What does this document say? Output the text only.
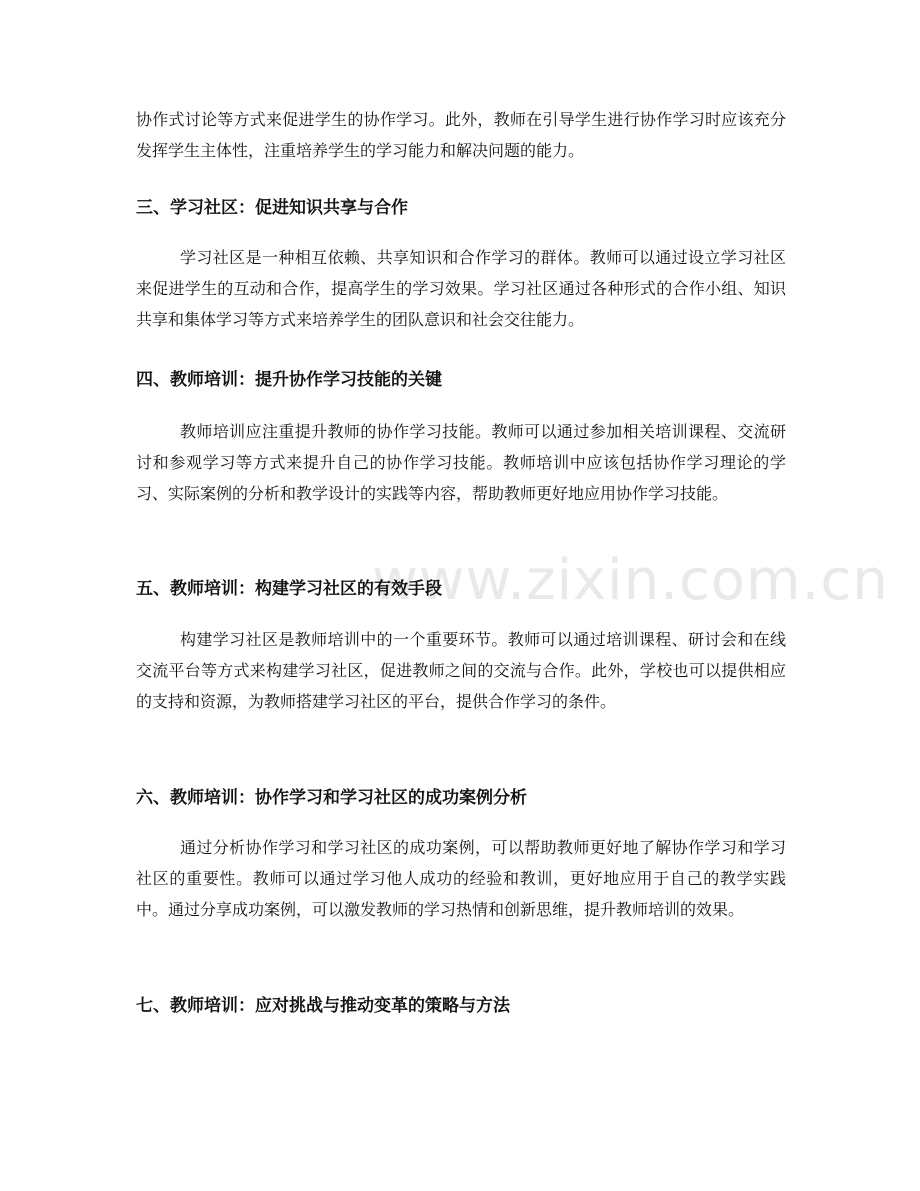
www.zixin.com.cn

协作式讨论等方式来促进学生的协作学习。此外，教师在引导学生进行协作学习时应该充分发挥学生主体性，注重培养学生的学习能力和解决问题的能力。

三、学习社区：促进知识共享与合作

学习社区是一种相互依赖、共享知识和合作学习的群体。教师可以通过设立学习社区来促进学生的互动和合作，提高学生的学习效果。学习社区通过各种形式的合作小组、知识共享和集体学习等方式来培养学生的团队意识和社会交往能力。

四、教师培训：提升协作学习技能的关键

教师培训应注重提升教师的协作学习技能。教师可以通过参加相关培训课程、交流研讨和参观学习等方式来提升自己的协作学习技能。教师培训中应该包括协作学习理论的学习、实际案例的分析和教学设计的实践等内容，帮助教师更好地应用协作学习技能。

五、教师培训：构建学习社区的有效手段

构建学习社区是教师培训中的一个重要环节。教师可以通过培训课程、研讨会和在线交流平台等方式来构建学习社区，促进教师之间的交流与合作。此外，学校也可以提供相应的支持和资源，为教师搭建学习社区的平台，提供合作学习的条件。

六、教师培训：协作学习和学习社区的成功案例分析

通过分析协作学习和学习社区的成功案例，可以帮助教师更好地了解协作学习和学习社区的重要性。教师可以通过学习他人成功的经验和教训，更好地应用于自己的教学实践中。通过分享成功案例，可以激发教师的学习热情和创新思维，提升教师培训的效果。

七、教师培训：应对挑战与推动变革的策略与方法
